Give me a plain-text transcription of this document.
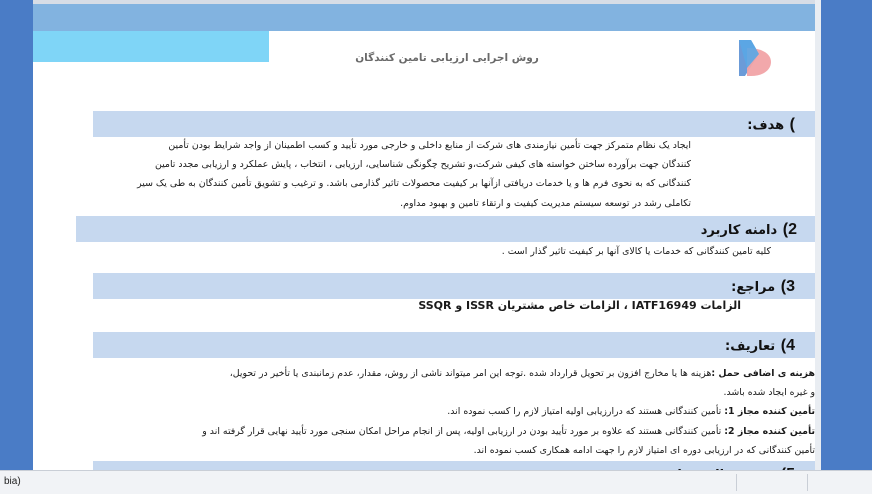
روش اجرایی ارزیابی تامین کنندگان
) هدف:
ایجاد یک نظام متمرکز جهت تأمین نیازمندی های شرکت از منابع داخلی و خارجی مورد تأیید و کسب اطمینان از واجد شرایط بودن تأمین
کنندگان جهت برآورده ساختن خواسته های کیفی شرکت،و تشریح چگونگی شناسایی، ارزیابی ، انتخاب ، پایش عملکرد و ارزیابی مجدد تامین
کنندگانی که به نحوی فرم ها و یا خدمات دریافتی ازآنها بر کیفیت محصولات تاثیر گذارمی باشد. و ترغیب و تشویق تأمین کنندگان به طی یک سیر
تکاملی رشد در توسعه سیستم مدیریت کیفیت و ارتقاء تامین و بهبود مداوم.
2) دامنه کاربرد
کلیه تامین کنندگانی که خدمات یا کالای آنها بر کیفیت تاثیر گذار است .
3) مراجع:
الزامات IATF16949 ، الزامات خاص مشتریان ISSR و SSQR
4) تعاریف:
هزینه ی اضافی حمل :هزینه ها یا مخارج افزون بر تحویل قرارداد شده .توجه این امر میتواند ناشی از روش، مقدار، عدم زمانبندی یا تأخیر در تحویل،
و غیره ایجاد شده باشد.
تأمین کننده مجاز 1: تأمین کنندگانی هستند که درارزیابی اولیه امتیاز لازم را کسب نموده اند.
تأمین کننده مجاز 2: تأمین کنندگانی هستند که علاوه بر مورد تأیید بودن در ارزیابی اولیه، پس از انجام مراحل امکان سنجی مورد تأیید نهایی قرار گرفته اند و
تأمین کنندگانی که در ارزیابی دوره ای امتیاز لازم را جهت ادامه همکاری کسب نموده اند.
bia)
